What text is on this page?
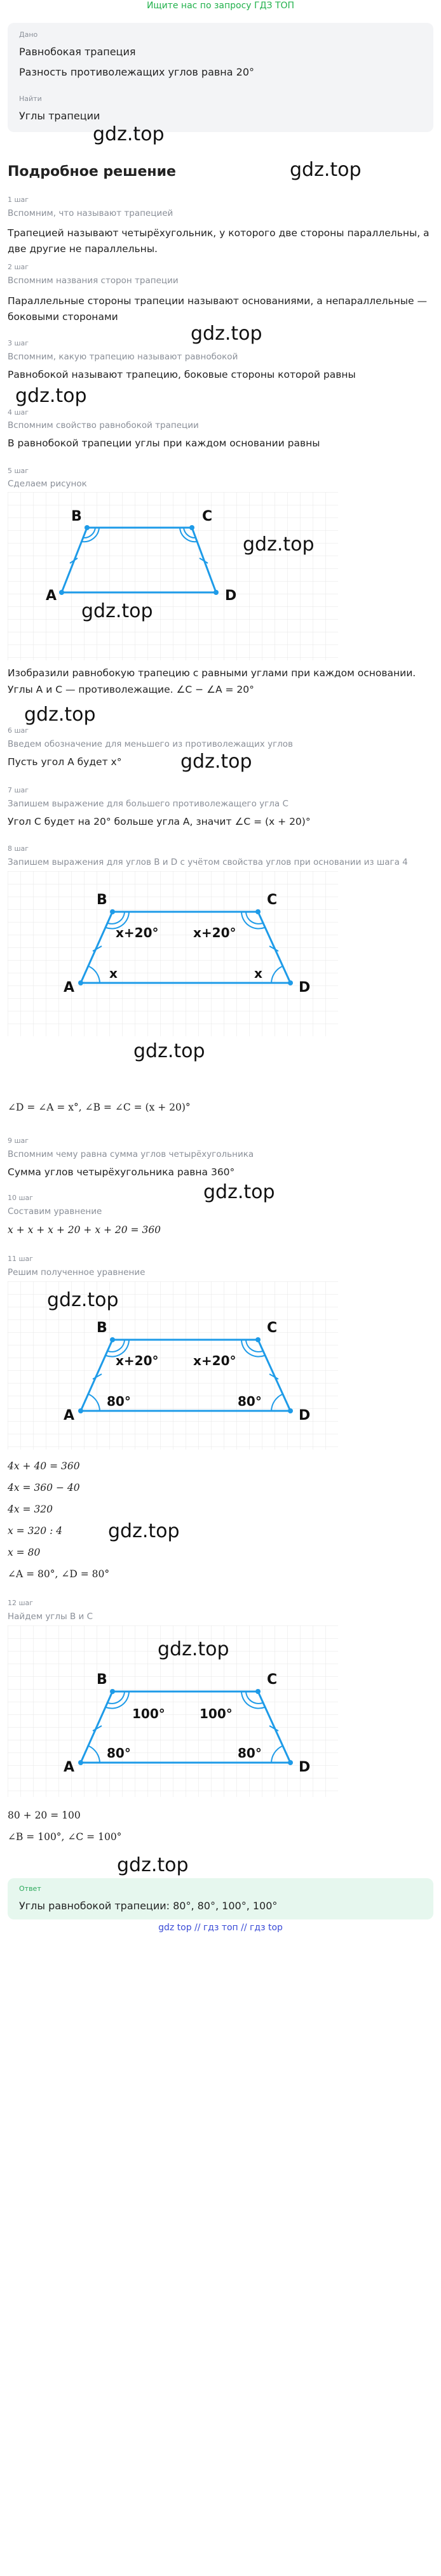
Ищите нас по запросу ГДЗ ТОП
Дано
Равнобокая трапеция
Разность противолежащих углов равна 20°
Найти
Углы трапеции
gdz.top
Подробное решение	gdz.top
1 шаг
Вспомним, что называют трапецией
Трапецией называют четырёхугольник, у которого две стороны параллельны, а две другие не параллельны.
2 шаг
Вспомним названия сторон трапеции
Параллельные стороны трапеции называют основаниями, а непараллельные — боковыми сторонами
gdz.top
3 шаг
Вспомним, какую трапецию называют равнобокой
Равнобокой называют трапецию, боковые стороны которой равны
gdz.top
4 шаг
Вспомним свойство равнобокой трапеции
В равнобокой трапеции углы при каждом основании равны
5 шаг
Сделаем рисунок
A
B	C
D
gdz.top
gdz.top
Изобразили равнобокую трапецию с равными углами при каждом основании.
Углы A и C — противолежащие. ∠C − ∠A = 20°
gdz.top
6 шаг
Введем обозначение для меньшего из противолежащих углов
Пусть угол A будет x°	gdz.top
7 шаг
Запишем выражение для большего противолежащего угла C
Угол C будет на 20° больше угла A, значит ∠C = (x + 20)°
8 шаг
Запишем выражения для углов B и D с учётом свойства углов при основании из шага 4
A
B	C
D
x+20°	x+20°
x	x
gdz.top
∠D = ∠A = x°, ∠B = ∠C = (x + 20)°
9 шаг
Вспомним чему равна сумма углов четырёхугольника
Сумма углов четырёхугольника равна 360°
gdz.top
10 шаг
Составим уравнение
x + x + x + 20 + x + 20 = 360
11 шаг
Решим полученное уравнение
A
B	C
D
x+20°	x+20°
80°	80°
gdz.top
4x + 40 = 360
4x = 360 − 40
4x = 320
x = 320 : 4 gdz.top
x = 80
∠A = 80°, ∠D = 80°
12 шаг
Найдем углы B и C
A
B	C
D
100°	100°
80°	80°
gdz.top
80 + 20 = 100
∠B = 100°, ∠C = 100°
gdz.top
Ответ
Углы равнобокой трапеции: 80°, 80°, 100°, 100°
gdz top // гдз топ // гдз top
